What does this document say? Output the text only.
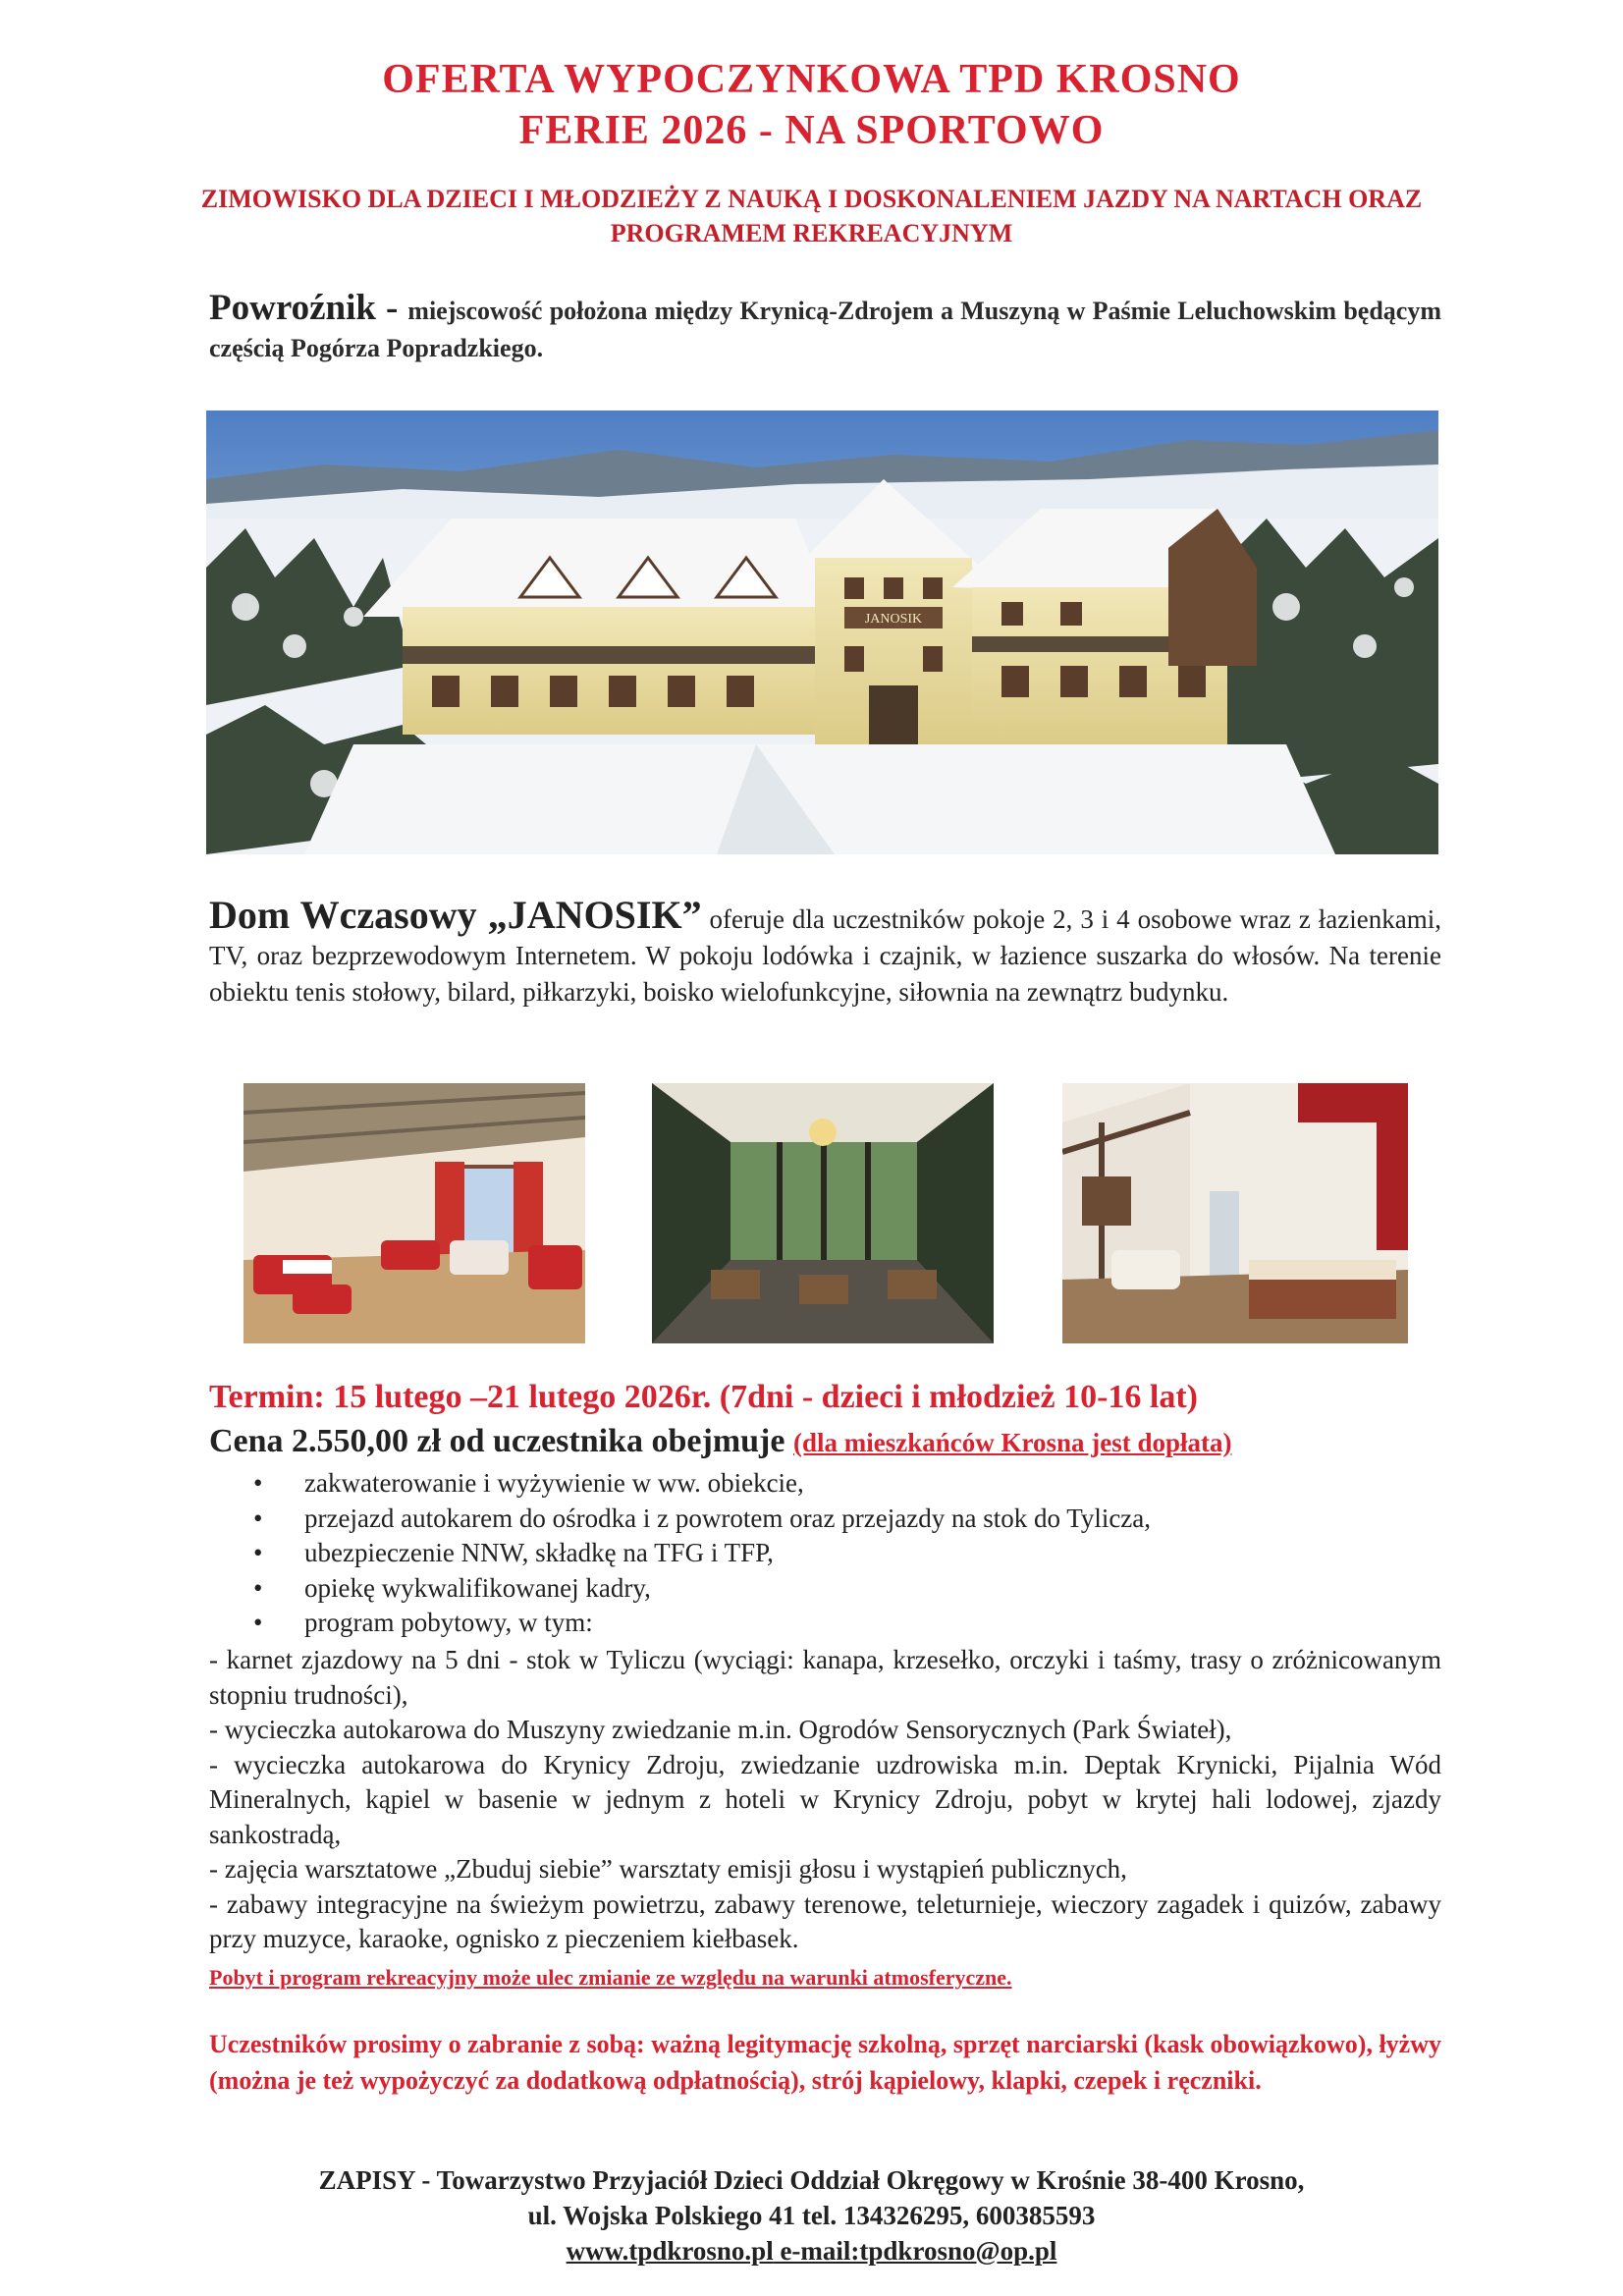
OFERTA WYPOCZYNKOWA TPD KROSNO
FERIE 2026 - NA SPORTOWO
ZIMOWISKO DLA DZIECI I MŁODZIEŻY Z NAUKĄ I DOSKONALENIEM JAZDY NA NARTACH ORAZ PROGRAMEM REKREACYJNYM
Powroźnik - miejscowość położona między Krynicą-Zdrojem a Muszyną w Paśmie Leluchowskim będącym częścią Pogórza Popradzkiego.
JANOSIK
Dom Wczasowy „JANOSIK” oferuje dla uczestników pokoje 2, 3 i 4 osobowe wraz z łazienkami, TV, oraz bezprzewodowym Internetem. W pokoju lodówka i czajnik, w łazience suszarka do włosów. Na terenie obiektu tenis stołowy, bilard, piłkarzyki, boisko wielofunkcyjne, siłownia na zewnątrz budynku.
Termin: 15 lutego –21 lutego 2026r. (7dni - dzieci i młodzież 10-16 lat)
Cena 2.550,00 zł od uczestnika obejmuje (dla mieszkańców Krosna jest dopłata)
• zakwaterowanie i wyżywienie w ww. obiekcie,
• przejazd autokarem do ośrodka i z powrotem oraz przejazdy na stok do Tylicza,
• ubezpieczenie NNW, składkę na TFG i TFP,
• opiekę wykwalifikowanej kadry,
• program pobytowy, w tym:

- karnet zjazdowy na 5 dni - stok w Tyliczu (wyciągi: kanapa, krzesełko, orczyki i taśmy, trasy o zróżnicowanym stopniu trudności),

- wycieczka autokarowa do Muszyny zwiedzanie m.in. Ogrodów Sensorycznych (Park Świateł),

- wycieczka autokarowa do Krynicy Zdroju, zwiedzanie uzdrowiska m.in. Deptak Krynicki, Pijalnia Wód Mineralnych, kąpiel w basenie w jednym z hoteli w Krynicy Zdroju, pobyt w krytej hali lodowej, zjazdy sankostradą,

- zajęcia warsztatowe „Zbuduj siebie” warsztaty emisji głosu i wystąpień publicznych,

- zabawy integracyjne na świeżym powietrzu, zabawy terenowe, teleturnieje, wieczory zagadek i quizów, zabawy przy muzyce, karaoke, ognisko z pieczeniem kiełbasek.

Pobyt i program rekreacyjny może ulec zmianie ze względu na warunki atmosferyczne.
Uczestników prosimy o zabranie z sobą: ważną legitymację szkolną, sprzęt narciarski (kask obowiązkowo), łyżwy (można je też wypożyczyć za dodatkową odpłatnością), strój kąpielowy, klapki, czepek i ręczniki.
ZAPISY - Towarzystwo Przyjaciół Dzieci Oddział Okręgowy w Krośnie 38-400 Krosno,
ul. Wojska Polskiego 41 tel. 134326295, 600385593
www.tpdkrosno.pl e-mail:tpdkrosno@op.pl
